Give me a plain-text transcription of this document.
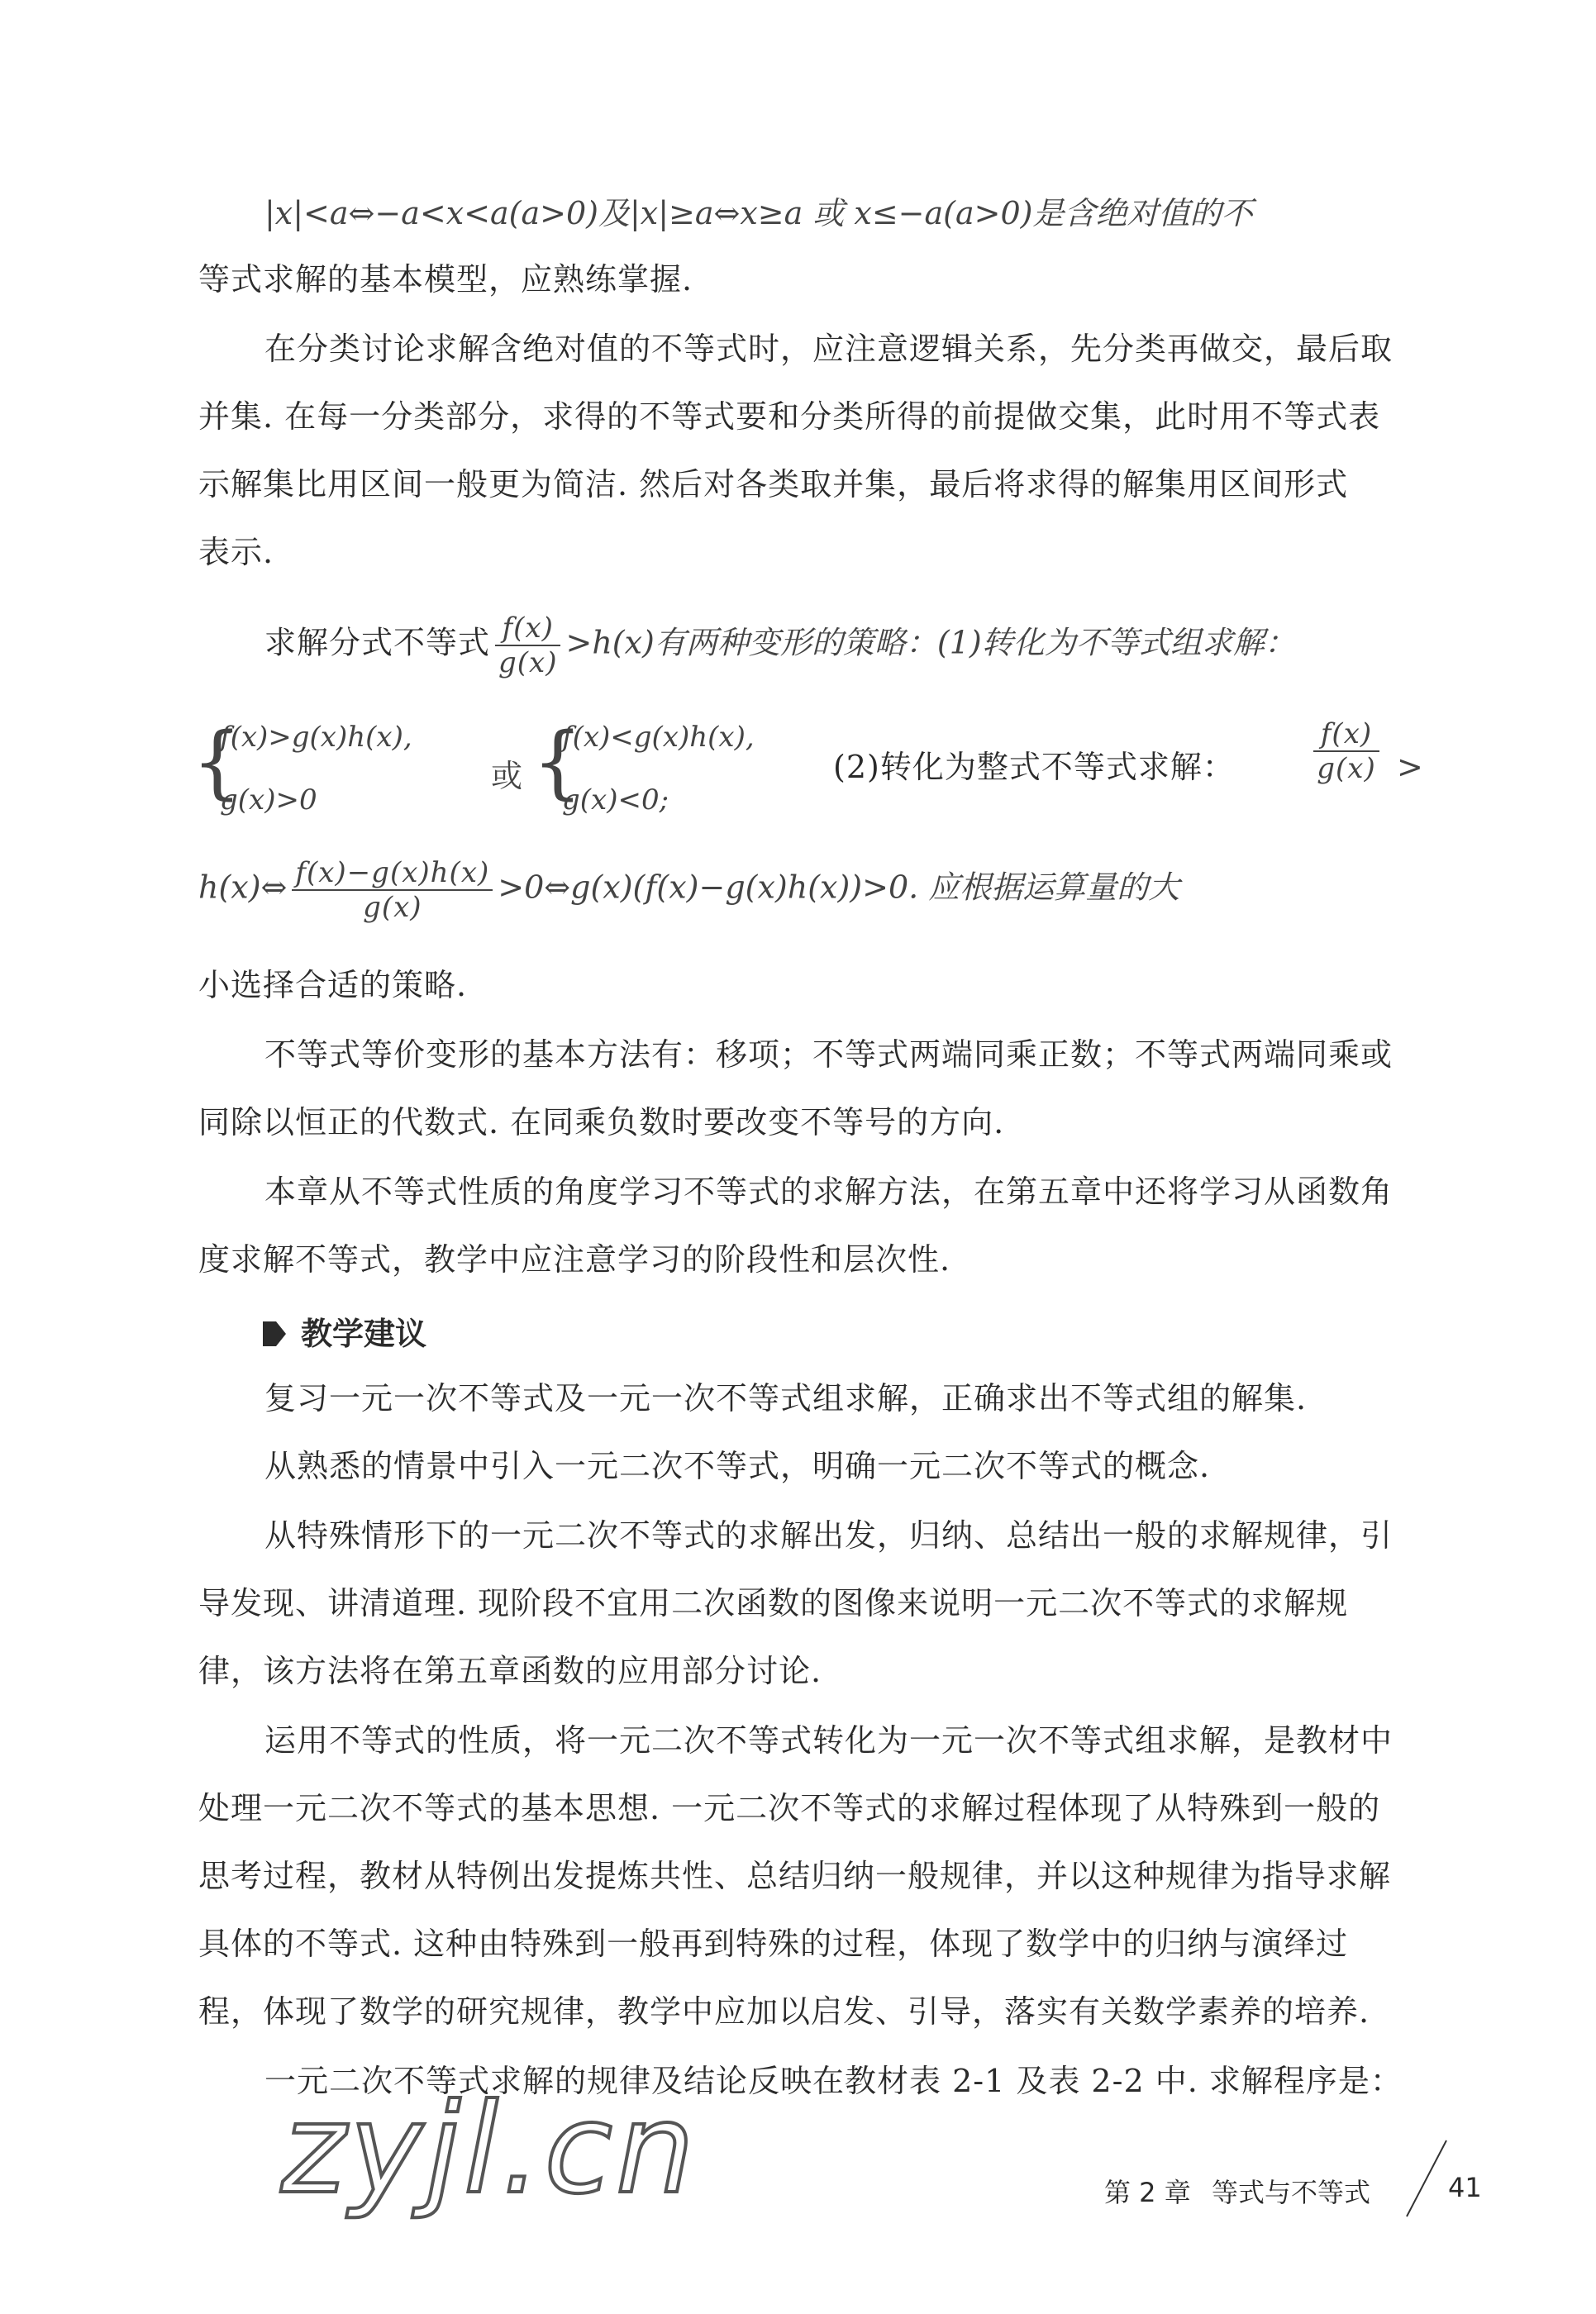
|x|<a⇔−a<x<a(a>0)及|x|≥a⇔x≥a 或 x≤−a(a>0)是含绝对值的不
等式求解的基本模型，应熟练掌握.
在分类讨论求解含绝对值的不等式时，应注意逻辑关系，先分类再做交，最后取
并集. 在每一分类部分，求得的不等式要和分类所得的前提做交集，此时用不等式表
示解集比用区间一般更为简洁. 然后对各类取并集，最后将求得的解集用区间形式
表示.
求解分式不等式 $\frac{f(x)}{g(x)} >h(x)$有两种变形的策略：(1)转化为不等式组求解：
{
f(x)>g(x)h(x),
g(x)>0
或 {
f(x)<g(x)h(x),
g(x)<0;
(2)转化为整式不等式求解：	$\frac{f(x)}{g(x)}$ >
h(x)⇔ $\frac{f(x)-g(x)h(x)}{g(x)}$ >0⇔g(x)(f(x)−g(x)h(x))>0. 应根据运算量的大
小选择合适的策略.
不等式等价变形的基本方法有：移项；不等式两端同乘正数；不等式两端同乘或
同除以恒正的代数式. 在同乘负数时要改变不等号的方向.
本章从不等式性质的角度学习不等式的求解方法，在第五章中还将学习从函数角
度求解不等式，教学中应注意学习的阶段性和层次性.
教学建议
复习一元一次不等式及一元一次不等式组求解，正确求出不等式组的解集.
从熟悉的情景中引入一元二次不等式，明确一元二次不等式的概念.
从特殊情形下的一元二次不等式的求解出发，归纳、总结出一般的求解规律，引
导发现、讲清道理. 现阶段不宜用二次函数的图像来说明一元二次不等式的求解规
律，该方法将在第五章函数的应用部分讨论.
运用不等式的性质，将一元二次不等式转化为一元一次不等式组求解，是教材中
处理一元二次不等式的基本思想. 一元二次不等式的求解过程体现了从特殊到一般的
思考过程，教材从特例出发提炼共性、总结归纳一般规律，并以这种规律为指导求解
具体的不等式. 这种由特殊到一般再到特殊的过程，体现了数学中的归纳与演绎过
程，体现了数学的研究规律，教学中应加以启发、引导，落实有关数学素养的培养.
一元二次不等式求解的规律及结论反映在教材表 2-1 及表 2-2 中. 求解程序是：
zyjl.cn	第 2 章 等式与不等式	41
